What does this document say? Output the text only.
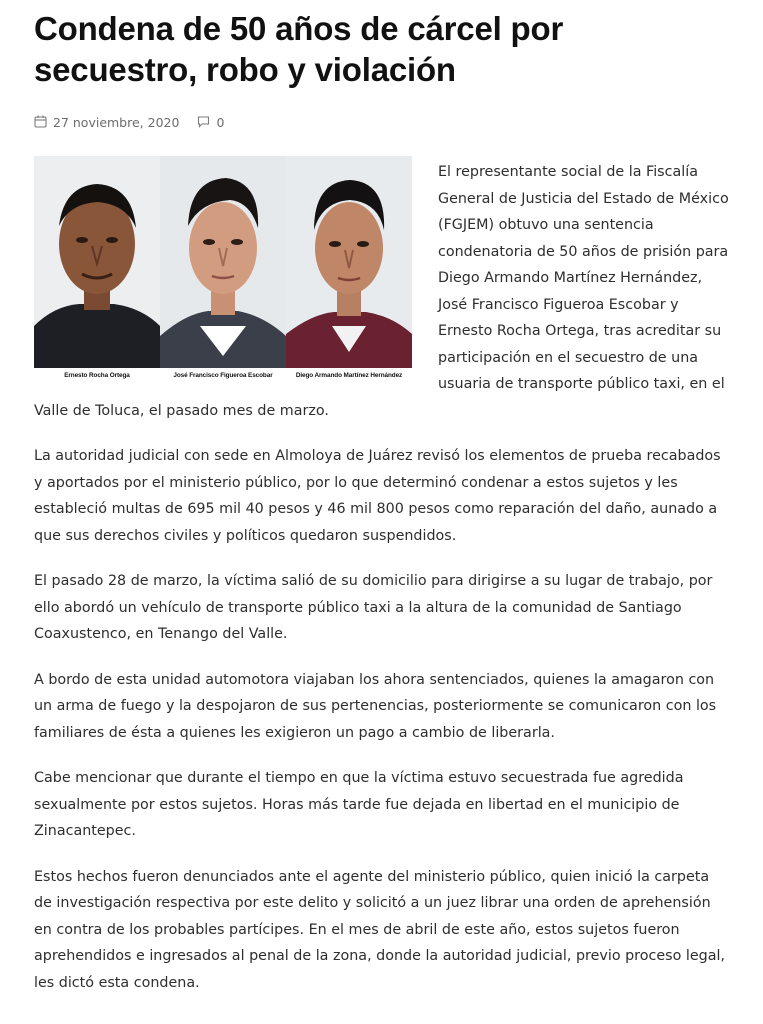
Condena de 50 años de cárcel por secuestro, robo y violación
27 noviembre, 2020	0
Ernesto Rocha Ortega	José Francisco Figueroa Escobar	Diego Armando Martínez Hernández

El representante social de la Fiscalía General de Justicia del Estado de México (FGJEM) obtuvo una sentencia condenatoria de 50 años de prisión para Diego Armando Martínez Hernández, José Francisco Figueroa Escobar y Ernesto Rocha Ortega, tras acreditar su participación en el secuestro de una usuaria de transporte público taxi, en el Valle de Toluca, el pasado mes de marzo.

La autoridad judicial con sede en Almoloya de Juárez revisó los elementos de prueba recabados y aportados por el ministerio público, por lo que determinó condenar a estos sujetos y les estableció multas de 695 mil 40 pesos y 46 mil 800 pesos como reparación del daño, aunado a que sus derechos civiles y políticos quedaron suspendidos.

El pasado 28 de marzo, la víctima salió de su domicilio para dirigirse a su lugar de trabajo, por ello abordó un vehículo de transporte público taxi a la altura de la comunidad de Santiago Coaxustenco, en Tenango del Valle.

A bordo de esta unidad automotora viajaban los ahora sentenciados, quienes la amagaron con un arma de fuego y la despojaron de sus pertenencias, posteriormente se comunicaron con los familiares de ésta a quienes les exigieron un pago a cambio de liberarla.

Cabe mencionar que durante el tiempo en que la víctima estuvo secuestrada fue agredida sexualmente por estos sujetos. Horas más tarde fue dejada en libertad en el municipio de Zinacantepec.

Estos hechos fueron denunciados ante el agente del ministerio público, quien inició la carpeta de investigación respectiva por este delito y solicitó a un juez librar una orden de aprehensión en contra de los probables partícipes. En el mes de abril de este año, estos sujetos fueron aprehendidos e ingresados al penal de la zona, donde la autoridad judicial, previo proceso legal, les dictó esta condena.
